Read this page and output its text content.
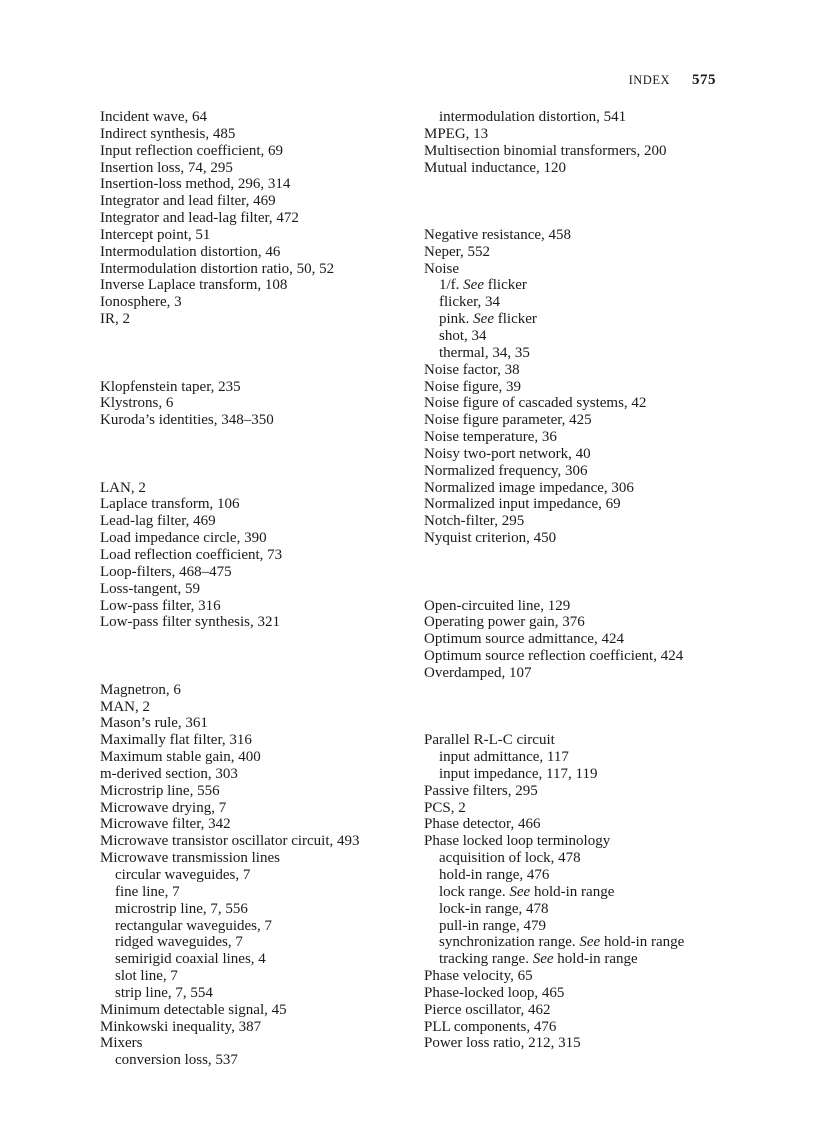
INDEX 575
Incident wave, 64
Indirect synthesis, 485
Input reflection coefficient, 69
Insertion loss, 74, 295
Insertion-loss method, 296, 314
Integrator and lead filter, 469
Integrator and lead-lag filter, 472
Intercept point, 51
Intermodulation distortion, 46
Intermodulation distortion ratio, 50, 52
Inverse Laplace transform, 108
Ionosphere, 3
IR, 2
Klopfenstein taper, 235
Klystrons, 6
Kuroda’s identities, 348–350
LAN, 2
Laplace transform, 106
Lead-lag filter, 469
Load impedance circle, 390
Load reflection coefficient, 73
Loop-filters, 468–475
Loss-tangent, 59
Low-pass filter, 316
Low-pass filter synthesis, 321
Magnetron, 6
MAN, 2
Mason’s rule, 361
Maximally flat filter, 316
Maximum stable gain, 400
m-derived section, 303
Microstrip line, 556
Microwave drying, 7
Microwave filter, 342
Microwave transistor oscillator circuit, 493
Microwave transmission lines
circular waveguides, 7
fine line, 7
microstrip line, 7, 556
rectangular waveguides, 7
ridged waveguides, 7
semirigid coaxial lines, 4
slot line, 7
strip line, 7, 554
Minimum detectable signal, 45
Minkowski inequality, 387
Mixers
conversion loss, 537
intermodulation distortion, 541
MPEG, 13
Multisection binomial transformers, 200
Mutual inductance, 120
Negative resistance, 458
Neper, 552
Noise
1/f. See flicker
flicker, 34
pink. See flicker
shot, 34
thermal, 34, 35
Noise factor, 38
Noise figure, 39
Noise figure of cascaded systems, 42
Noise figure parameter, 425
Noise temperature, 36
Noisy two-port network, 40
Normalized frequency, 306
Normalized image impedance, 306
Normalized input impedance, 69
Notch-filter, 295
Nyquist criterion, 450
Open-circuited line, 129
Operating power gain, 376
Optimum source admittance, 424
Optimum source reflection coefficient, 424
Overdamped, 107
Parallel R-L-C circuit
input admittance, 117
input impedance, 117, 119
Passive filters, 295
PCS, 2
Phase detector, 466
Phase locked loop terminology
acquisition of lock, 478
hold-in range, 476
lock range. See hold-in range
lock-in range, 478
pull-in range, 479
synchronization range. See hold-in range
tracking range. See hold-in range
Phase velocity, 65
Phase-locked loop, 465
Pierce oscillator, 462
PLL components, 476
Power loss ratio, 212, 315
